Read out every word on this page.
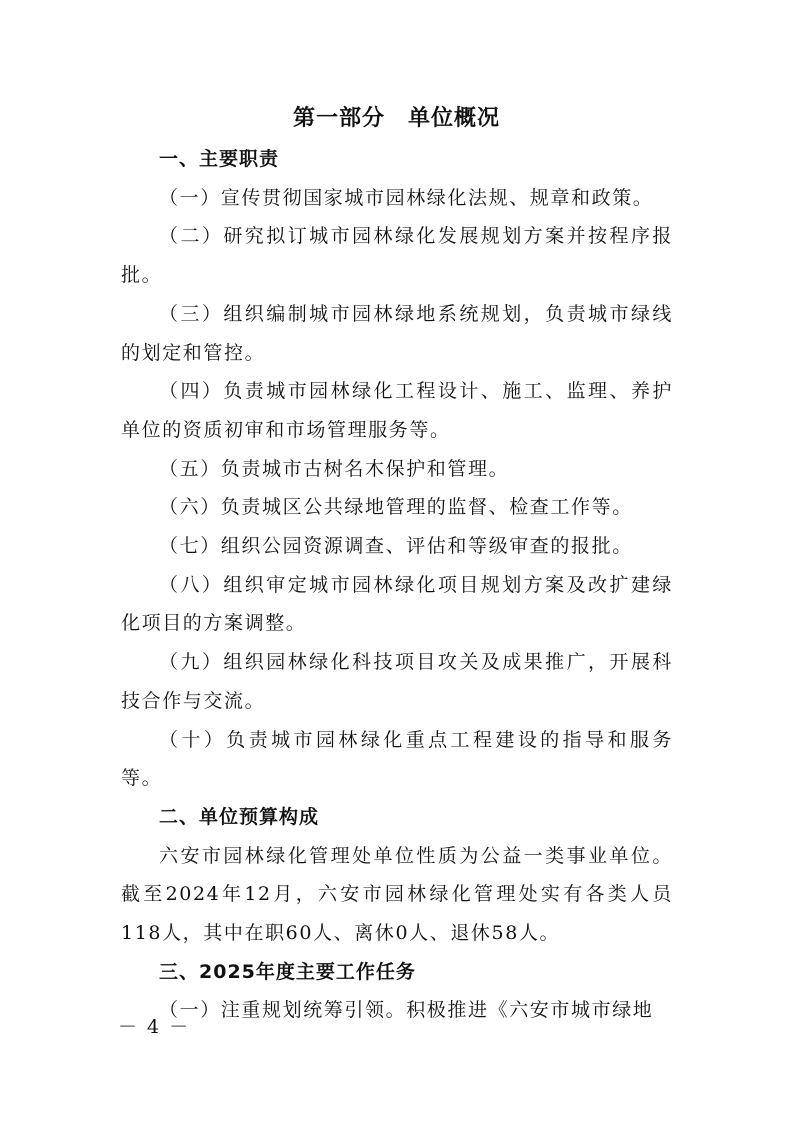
第一部分　单位概况

一、主要职责

（一）宣传贯彻国家城市园林绿化法规、规章和政策。

（二）研究拟订城市园林绿化发展规划方案并按程序报批。

（三）组织编制城市园林绿地系统规划，负责城市绿线的划定和管控。

（四）负责城市园林绿化工程设计、施工、监理、养护单位的资质初审和市场管理服务等。

（五）负责城市古树名木保护和管理。

（六）负责城区公共绿地管理的监督、检查工作等。

（七）组织公园资源调查、评估和等级审查的报批。

（八）组织审定城市园林绿化项目规划方案及改扩建绿化项目的方案调整。

（九）组织园林绿化科技项目攻关及成果推广，开展科技合作与交流。

（十）负责城市园林绿化重点工程建设的指导和服务等。

二、单位预算构成

六安市园林绿化管理处单位性质为公益一类事业单位。截至2024年12月，六安市园林绿化管理处实有各类人员118人，其中在职60人、离休0人、退休58人。

三、2025年度主要工作任务

（一）注重规划统筹引领。积极推进《六安市城市绿地

－ 4 －
